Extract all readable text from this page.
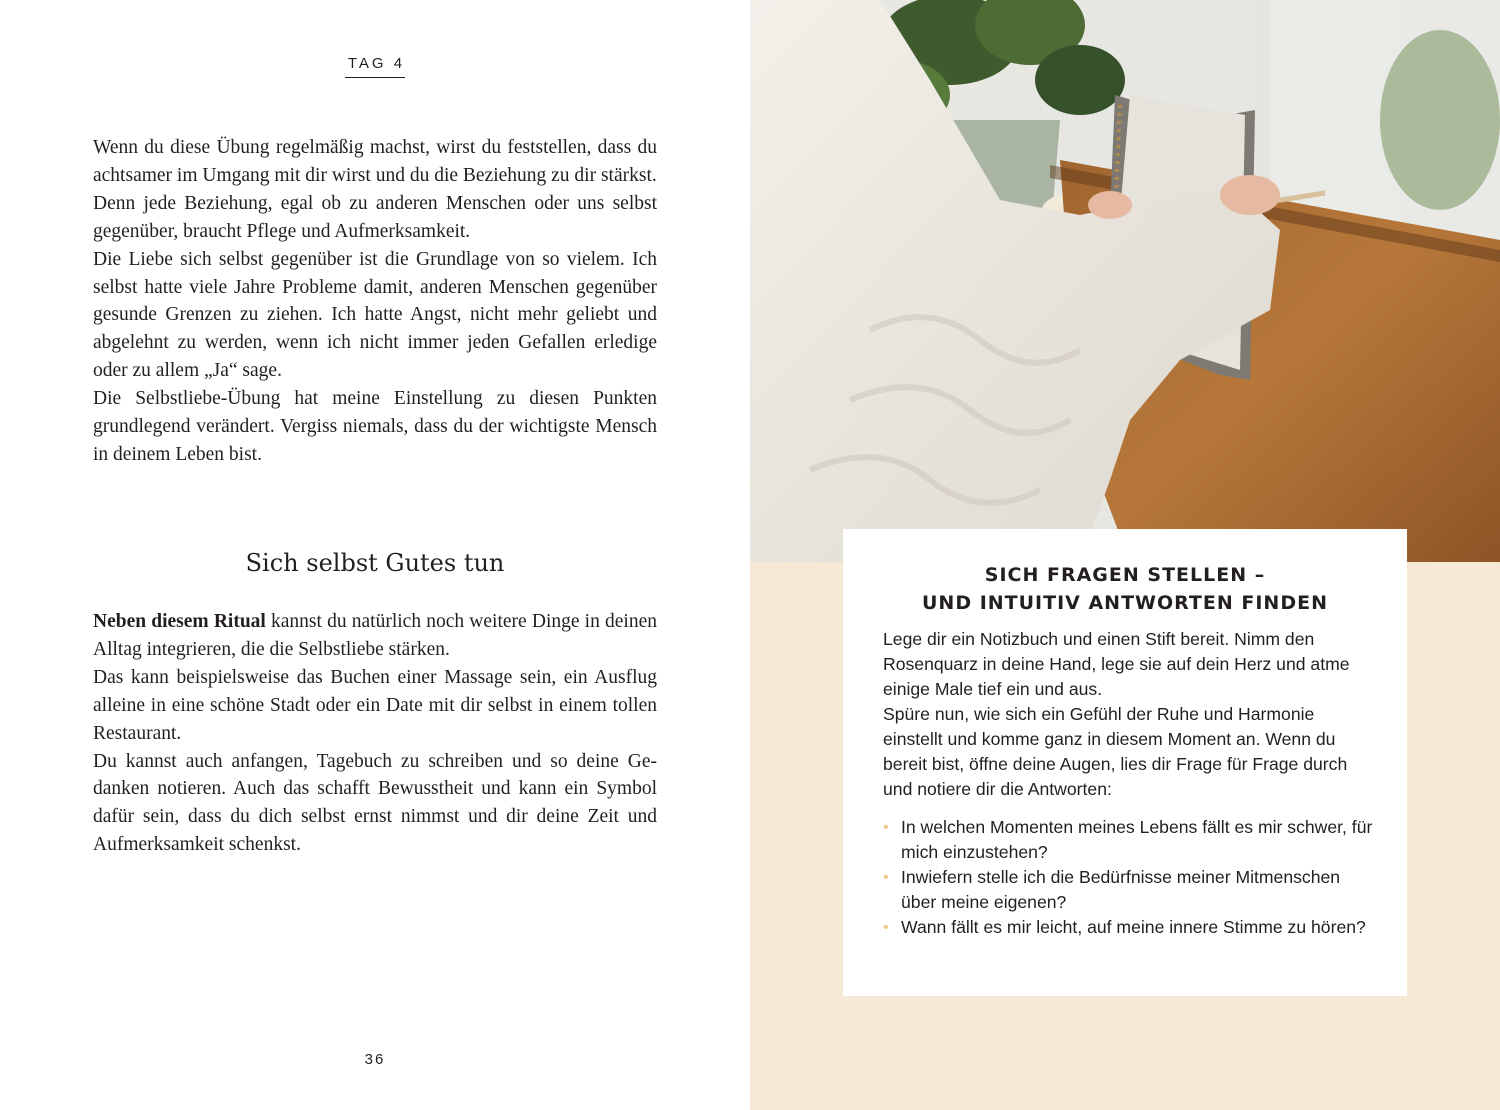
TAG 4

Wenn du diese Übung regelmäßig machst, wirst du feststellen, dass du achtsamer im Umgang mit dir wirst und du die Beziehung zu dir stärkst.

Denn jede Beziehung, egal ob zu anderen Menschen oder uns selbst gegenüber, braucht Pflege und Aufmerksamkeit.

Die Liebe sich selbst gegenüber ist die Grundlage von so vielem. Ich selbst hatte viele Jahre Probleme damit, anderen Menschen gegenüber gesunde Grenzen zu ziehen. Ich hatte Angst, nicht mehr geliebt und abgelehnt zu werden, wenn ich nicht immer jeden Gefallen erledige oder zu allem „Ja“ sage.

Die Selbstliebe-Übung hat meine Einstellung zu diesen Punkten grundlegend verändert. Vergiss niemals, dass du der wichtigste Mensch in deinem Leben bist.

Sich selbst Gutes tun

Neben diesem Ritual kannst du natürlich noch weitere Dinge in deinen Alltag integrieren, die die Selbstliebe stärken.

Das kann beispielsweise das Buchen einer Massage sein, ein Ausflug alleine in eine schöne Stadt oder ein Date mit dir selbst in einem tollen Restaurant.

Du kannst auch anfangen, Tagebuch zu schreiben und so deine Gedanken notieren. Auch das schafft Bewusstheit und kann ein Symbol dafür sein, dass du dich selbst ernst nimmst und dir deine Zeit und Aufmerksamkeit schenkst.

36
SICH FRAGEN STELLEN –
UND INTUITIV ANTWORTEN FINDEN

Lege dir ein Notizbuch und einen Stift bereit. Nimm den Rosenquarz in deine Hand, lege sie auf dein Herz und atme einige Male tief ein und aus.

Spüre nun, wie sich ein Gefühl der Ruhe und Harmonie einstellt und komme ganz in diesem Moment an. Wenn du bereit bist, öffne deine Augen, lies dir Frage für Frage durch und notiere dir die Antworten:

• In welchen Momenten meines Lebens fällt es mir schwer, für mich einzustehen?
• Inwiefern stelle ich die Bedürfnisse meiner Mitmenschen über meine eigenen?
• Wann fällt es mir leicht, auf meine innere Stimme zu hören?
